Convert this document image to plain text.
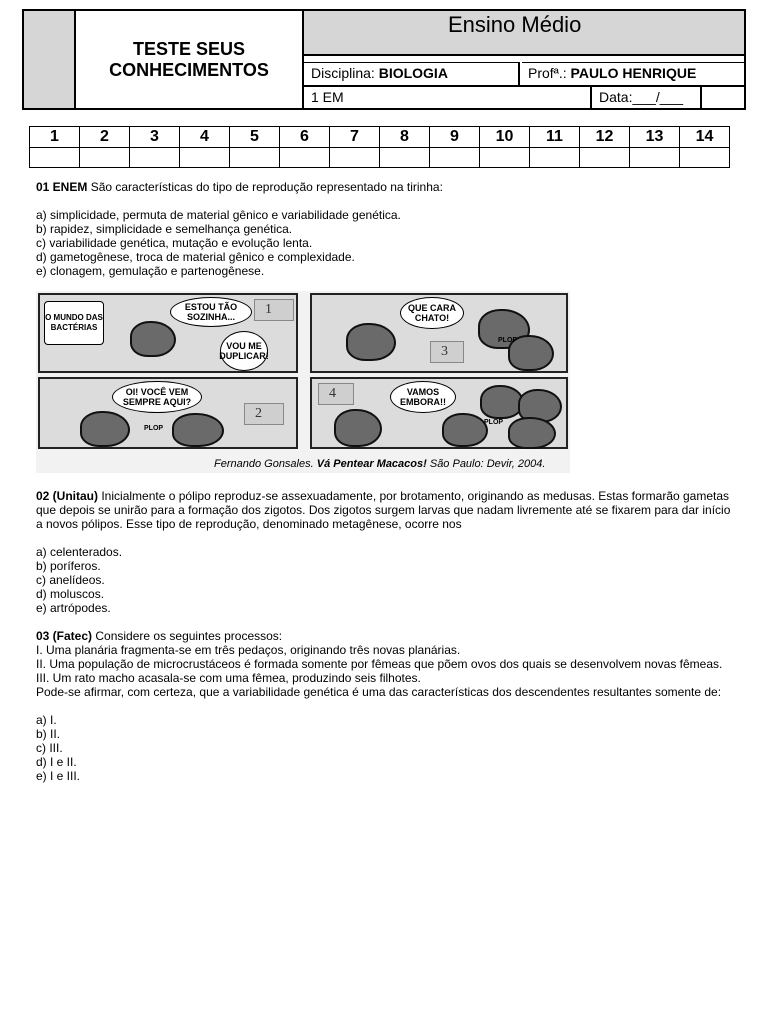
TESTE SEUS
CONHECIMENTOS
Ensino Médio
Disciplina: BIOLOGIA	Profª.: PAULO HENRIQUE
1 EM	Data:___/___
1	2	3	4	5	6	7	8	9	10	11	12	13	14

01 ENEM São características do tipo de reprodução representado na tirinha:

a) simplicidade, permuta de material gênico e variabilidade genética.

b) rapidez, simplicidade e semelhança genética.

c) variabilidade genética, mutação e evolução lenta.

d) gametogênese, troca de material gênico e complexidade.

e) clonagem, gemulação e partenogênese.

O MUNDO DAS BACTÉRIAS
ESTOU TÃO SOZINHA...
VOU ME DUPLICAR!
1	QUE CARA CHATO!
3
PLOP
OI! VOCÊ VEM SEMPRE AQUI?
2
PLOP
4	VAMOS EMBORA!!
PLOP
Fernando Gonsales. Vá Pentear Macacos! São Paulo: Devir, 2004.

02 (Unitau) Inicialmente o pólipo reproduz-se assexuadamente, por brotamento, originando as medusas. Estas formarão gametas que depois se unirão para a formação dos zigotos. Dos zigotos surgem larvas que nadam livremente até se fixarem para dar início a novos pólipos. Esse tipo de reprodução, denominado metagênese, ocorre nos

a) celenterados.

b) poríferos.

c) anelídeos.

d) moluscos.

e) artrópodes.

03 (Fatec) Considere os seguintes processos:

I. Uma planária fragmenta-se em três pedaços, originando três novas planárias.

II. Uma população de microcrustáceos é formada somente por fêmeas que põem ovos dos quais se desenvolvem novas fêmeas.

III. Um rato macho acasala-se com uma fêmea, produzindo seis filhotes.

Pode-se afirmar, com certeza, que a variabilidade genética é uma das características dos descendentes resultantes somente de:

a) I.

b) II.

c) III.

d) I e II.

e) I e III.
